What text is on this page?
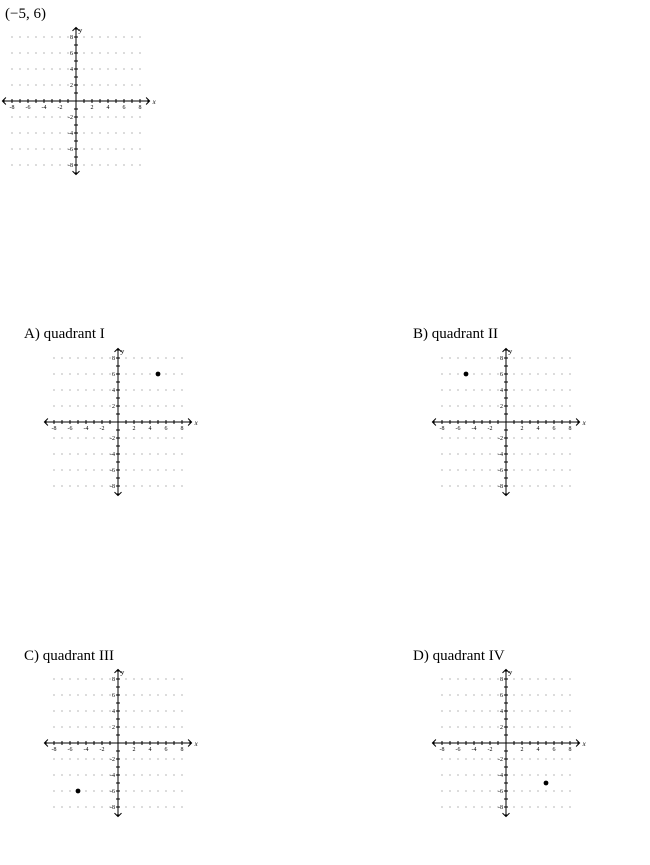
(−5, 6)
-8 -6 -4 -2	2 4 6 8
8
6
4
2
-2
-4
-6
-8
x
y
A) quadrant I
-8 -6 -4 -2	2 4 6 8
8
6
4
2
-2
-4
-6
-8
x
y
B) quadrant II
-8 -6 -4 -2	2 4 6 8
8
6
4
2
-2
-4
-6
-8
x
y
C) quadrant III
-8 -6 -4 -2	2 4 6 8
8
6
4
2
-2
-4
-6
-8
x
y
D) quadrant IV
-8 -6 -4 -2	2 4 6 8
8
6
4
2
-2
-4
-6
-8
x
y
